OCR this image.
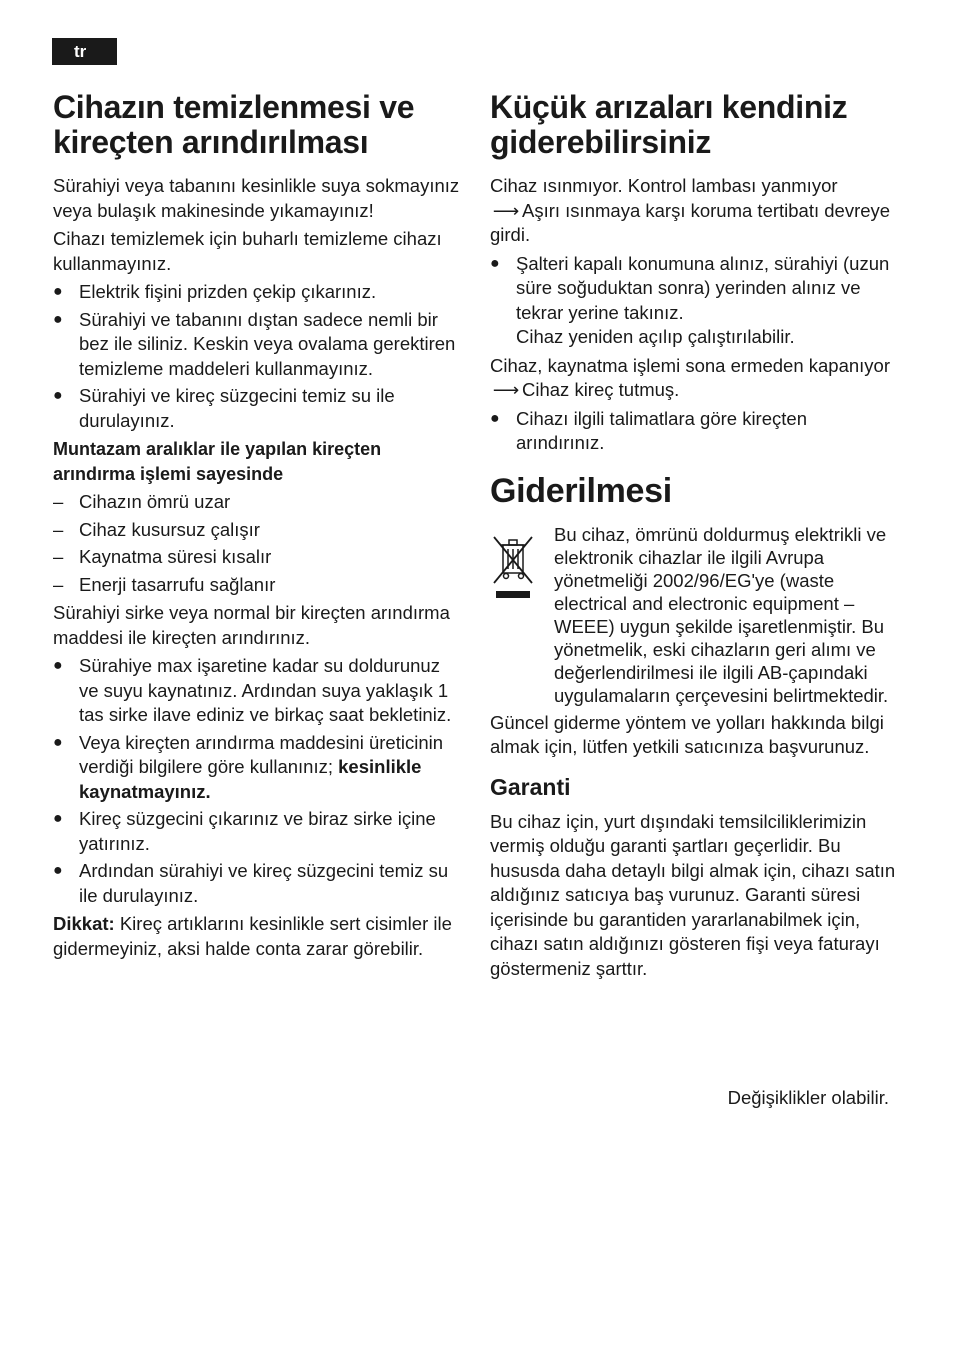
tr
Cihazın temizlenmesi ve kireçten arındırılması

Sürahiyi veya tabanını kesinlikle suya sokmayınız veya bulaşık makinesinde yıkamayınız!

Cihazı temizlemek için buharlı temizleme cihazı kullanmayınız.

● Elektrik fişini prizden çekip çıkarınız.
● Sürahiyi ve tabanını dıştan sadece nemli bir bez ile siliniz. Keskin veya ovalama gerektiren temizleme maddeleri kullanmayınız.
● Sürahiyi ve kireç süzgecini temiz su ile durulayınız.

Muntazam aralıklar ile yapılan kireçten arındırma işlemi sayesinde

– Cihazın ömrü uzar
– Cihaz kusursuz çalışır
– Kaynatma süresi kısalır
– Enerji tasarrufu sağlanır

Sürahiyi sirke veya normal bir kireçten arındırma maddesi ile kireçten arındırınız.

● Sürahiye max işaretine kadar su doldurunuz ve suyu kaynatınız. Ardından suya yaklaşık 1 tas sirke ilave ediniz ve birkaç saat bekletiniz.
● Veya kireçten arındırma maddesini üreticinin verdiği bilgilere göre kullanınız; kesinlikle kaynatmayınız.
● Kireç süzgecini çıkarınız ve biraz sirke içine yatırınız.
● Ardından sürahiyi ve kireç süzgecini temiz su ile durulayınız.

Dikkat: Kireç artıklarını kesinlikle sert cisimler ile gidermeyiniz, aksi halde conta zarar görebilir.

Küçük arızaları kendiniz giderebilirsiniz

Cihaz ısınmıyor. Kontrol lambası yanmıyor
⟶ Aşırı ısınmaya karşı koruma tertibatı devreye girdi.

● Şalteri kapalı konumuna alınız, sürahiyi (uzun süre soğuduktan sonra) yerinden alınız ve tekrar yerine takınız.
Cihaz yeniden açılıp çalıştırılabilir.

Cihaz, kaynatma işlemi sona ermeden kapanıyor ⟶ Cihaz kireç tutmuş.

● Cihazı ilgili talimatlara göre kireçten arındırınız.
Giderilmesi
Bu cihaz, ömrünü doldurmuş elektrikli ve elektronik cihazlar ile ilgili Avrupa yönetmeliği 2002/96/EG'ye (waste electrical and electronic equipment – WEEE) uygun şekilde işaretlenmiştir. Bu yönetmelik, eski cihazların geri alımı ve değerlendirilmesi ile ilgili AB-çapındaki uygulamaların çerçevesini belirtmektedir.

Güncel giderme yöntem ve yolları hakkında bilgi almak için, lütfen yetkili satıcınıza başvurunuz.

Garanti

Bu cihaz için, yurt dışındaki temsilciliklerimizin vermiş olduğu garanti şartları geçerlidir. Bu hususda daha detaylı bilgi almak için, cihazı satın aldığınız satıcıya baş vurunuz. Garanti süresi içerisinde bu garantiden yararlanabilmek için, cihazı satın aldığınızı gösteren fişi veya faturayı göstermeniz şarttır.

Değişiklikler olabilir.
